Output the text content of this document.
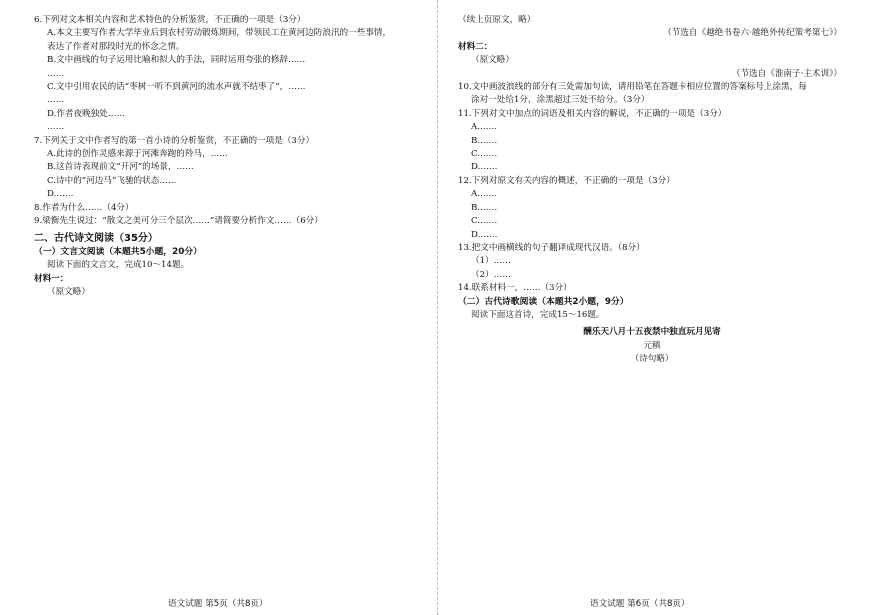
6.下列对文本相关内容和艺术特色的分析鉴赏，不正确的一项是（3分）

A.本文主要写作者大学毕业后到农村劳动锻炼期间，带领民工在黄河边防浪汛的一些事情，

表达了作者对那段时光的怀念之情。

B.文中画线的句子运用比喻和拟人的手法，同时运用夸张的修辞……

……

C.文中引用农民的话“枣树一听不到黄河的流水声就不结枣了”，……

……

D.作者夜晚独处……

……

7.下列关于文中作者写的第一首小诗的分析鉴赏，不正确的一项是（3分）

A.此诗的创作灵感来源于河滩奔跑的羚马，……

B.这首诗表现前文“开河”的场景，……

C.诗中的“河边马”飞驰的状态……

D.……

8.作者为什么……（4分）

9.梁衡先生说过：“散文之美可分三个层次……”请简要分析作文……（6分）

二、古代诗文阅读（35分）

（一）文言文阅读（本题共5小题，20分）

阅读下面的文言文，完成10～14题。

材料一：

（原文略）

（续上页原文，略）

（节选自《越绝书卷六·越绝外传纪策考第七》）

材料二：

（原文略）

（节选自《淮南子·主术训》）

10.文中画波浪线的部分有三处需加句读，请用铅笔在答题卡相应位置的答案标号上涂黑，每

涂对一处给1分，涂黑超过三处不给分。（3分）

11.下列对文中加点的词语及相关内容的解说，不正确的一项是（3分）

A.……

B.……

C.……

D.……

12.下列对原文有关内容的概述，不正确的一项是（3分）

A.……

B.……

C.……

D.……

13.把文中画横线的句子翻译成现代汉语。（8分）

（1）……

（2）……

14.联系材料一，……（3分）

（二）古代诗歌阅读（本题共2小题，9分）

阅读下面这首诗，完成15～16题。

酬乐天八月十五夜禁中独直玩月见寄

元稹

（诗句略）

语文试题 第5页（共8页）	语文试题 第6页（共8页）
